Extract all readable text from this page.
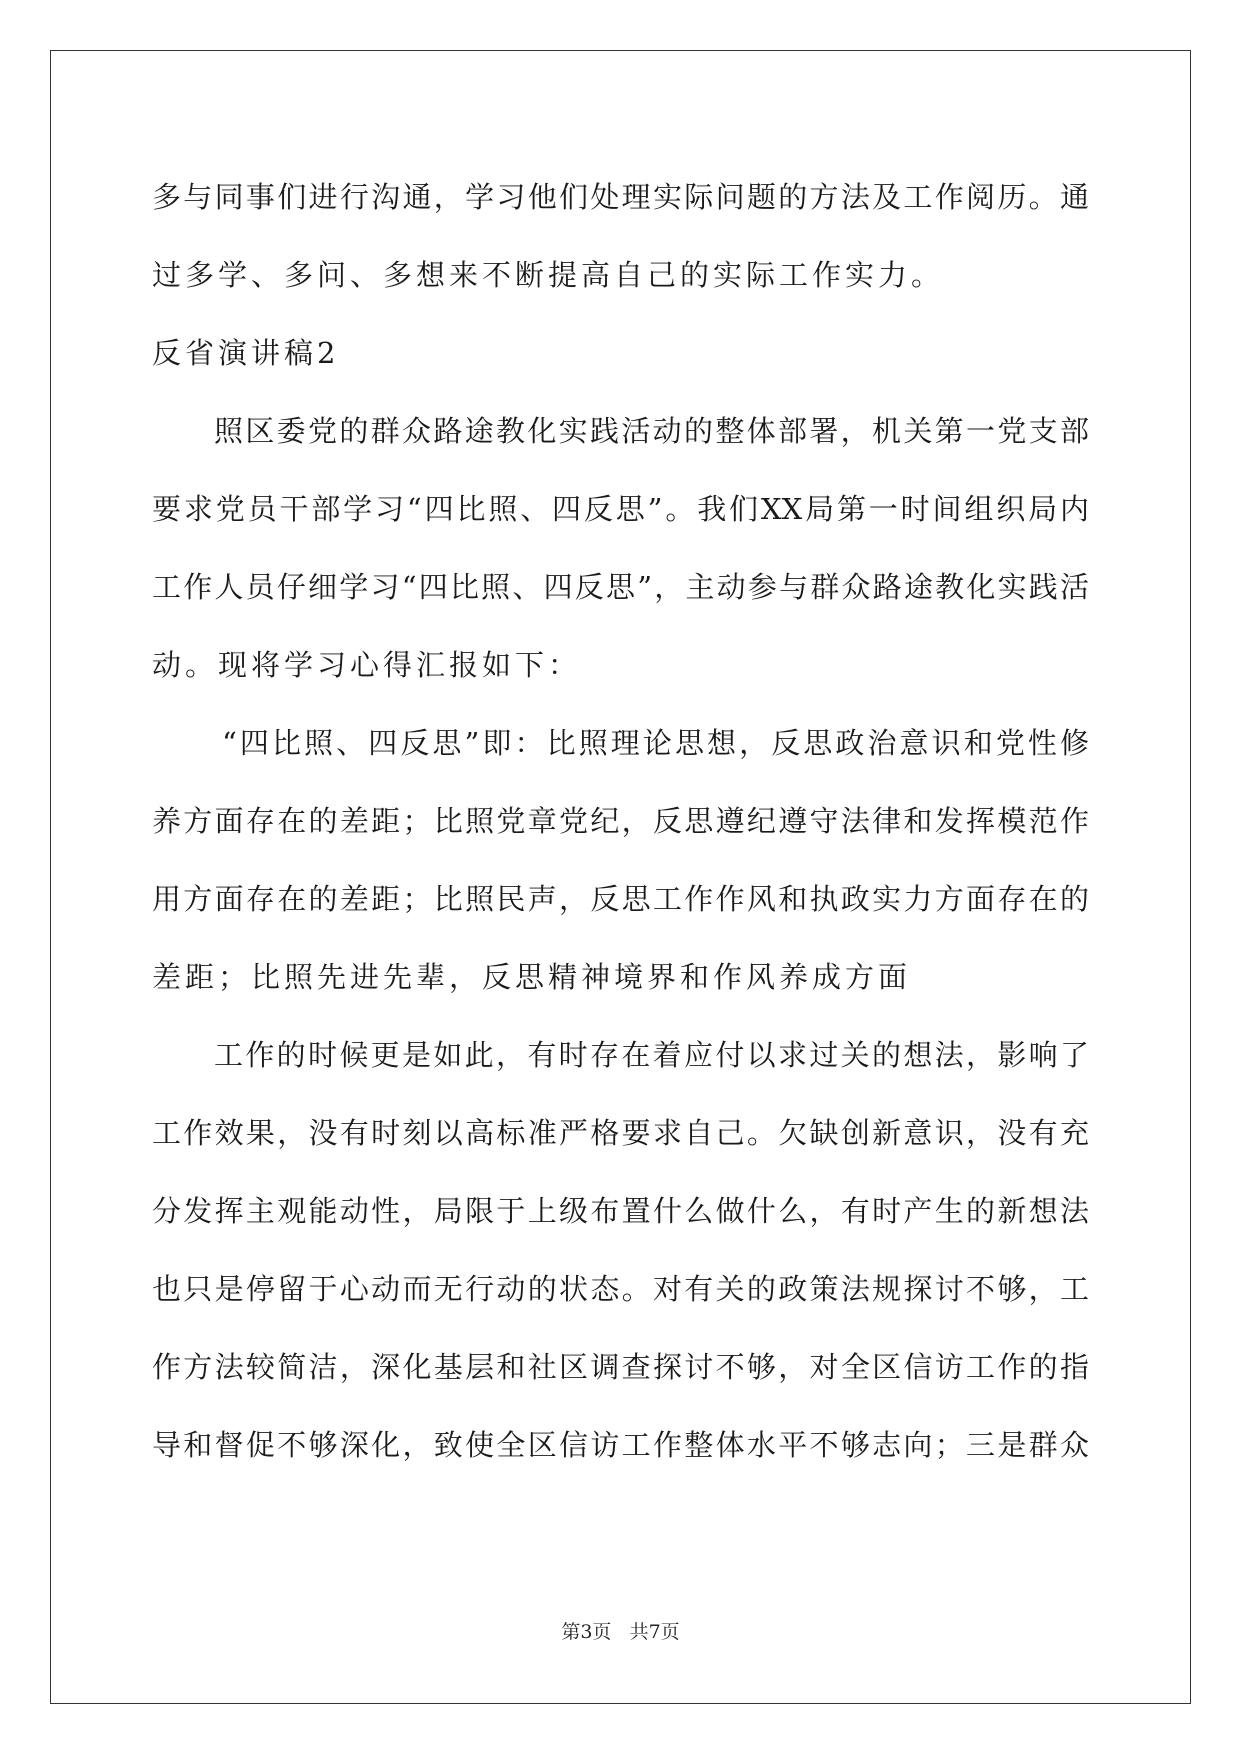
多与同事们进行沟通，学习他们处理实际问题的方法及工作阅历。通
过多学、多问、多想来不断提高自己的实际工作实力。
反省演讲稿2
照区委党的群众路途教化实践活动的整体部署，机关第一党支部
要求党员干部学习“四比照、四反思”。我们XX局第一时间组织局内
工作人员仔细学习“四比照、四反思”，主动参与群众路途教化实践活
动。现将学习心得汇报如下：
“四比照、四反思”即：比照理论思想，反思政治意识和党性修
养方面存在的差距；比照党章党纪，反思遵纪遵守法律和发挥模范作
用方面存在的差距；比照民声，反思工作作风和执政实力方面存在的
差距；比照先进先辈，反思精神境界和作风养成方面
工作的时候更是如此，有时存在着应付以求过关的想法，影响了
工作效果，没有时刻以高标准严格要求自己。欠缺创新意识，没有充
分发挥主观能动性，局限于上级布置什么做什么，有时产生的新想法
也只是停留于心动而无行动的状态。对有关的政策法规探讨不够，工
作方法较简洁，深化基层和社区调查探讨不够，对全区信访工作的指
导和督促不够深化，致使全区信访工作整体水平不够志向；三是群众
第3页 共7页
